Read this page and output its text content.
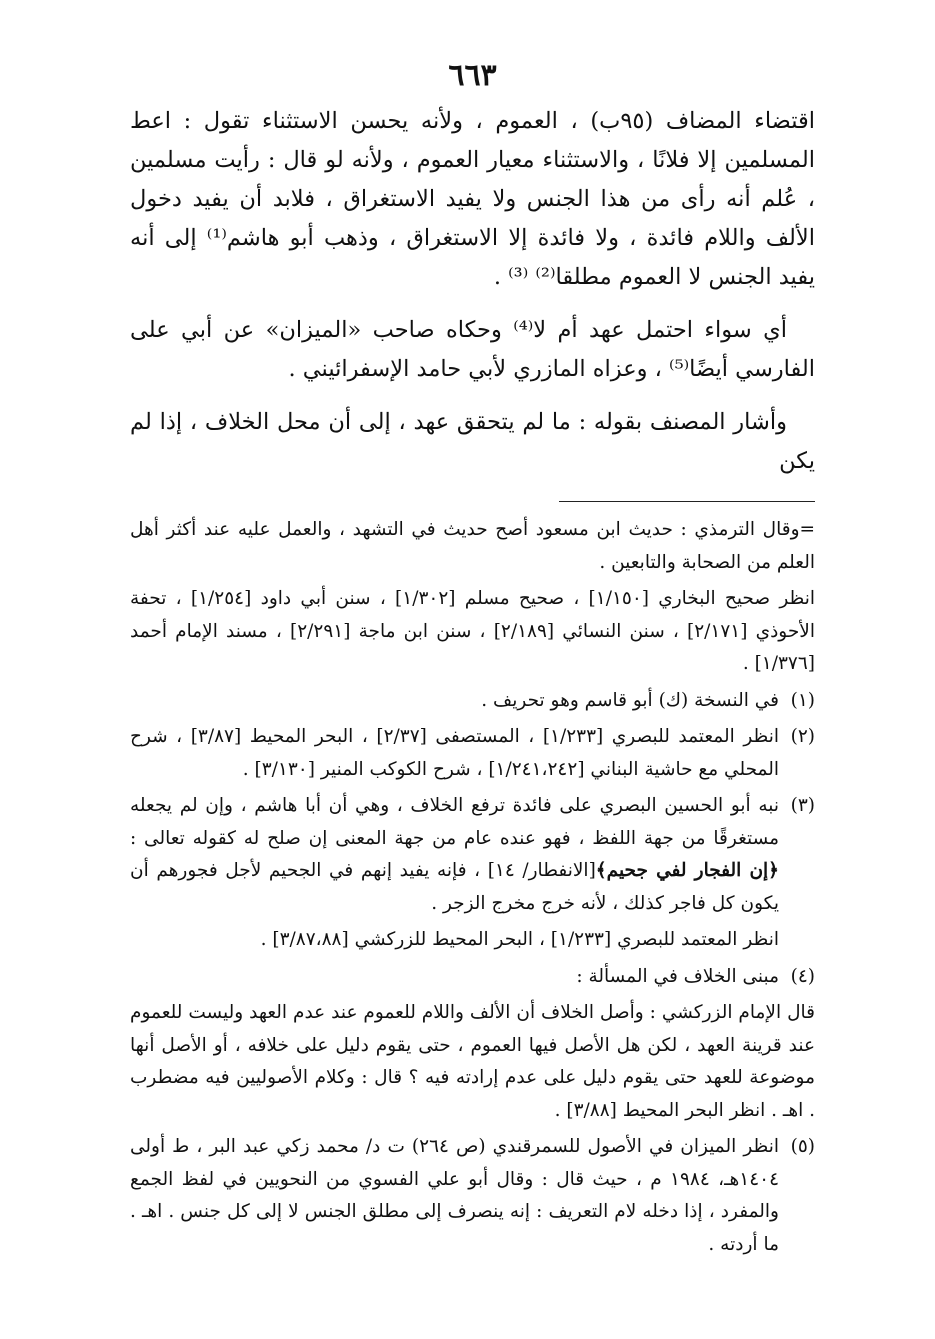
٦٦٣

اقتضاء المضاف (٩٥ب) ، العموم ، ولأنه يحسن الاستثناء تقول : اعط المسلمين إلا فلانًا ، والاستثناء معيار العموم ، ولأنه لو قال : رأيت مسلمين ، عُلم أنه رأى من هذا الجنس ولا يفيد الاستغراق ، فلابد أن يفيد دخول الألف واللام فائدة ، ولا فائدة إلا الاستغراق ، وذهب أبو هاشم⁽¹⁾ إلى أنه يفيد الجنس لا العموم مطلقا⁽²⁾ ⁽³⁾ .

أي سواء احتمل عهد أم لا⁽⁴⁾ وحكاه صاحب «الميزان» عن أبي على الفارسي أيضًا⁽⁵⁾ ، وعزاه المازري لأبي حامد الإسفرائيني .

وأشار المصنف بقوله : ما لم يتحقق عهد ، إلى أن محل الخلاف ، إذا لم يكن

=وقال الترمذي : حديث ابن مسعود أصح حديث في التشهد ، والعمل عليه عند أكثر أهل العلم من الصحابة والتابعين .

انظر صحيح البخاري [١/١٥٠] ، صحيح مسلم [١/٣٠٢] ، سنن أبي داود [١/٢٥٤] ، تحفة الأحوذي [٢/١٧١] ، سنن النسائي [٢/١٨٩] ، سنن ابن ماجة [٢/٢٩١] ، مسند الإمام أحمد [١/٣٧٦] .

(١)

في النسخة (ك) أبو قاسم وهو تحريف .

(٢)

انظر المعتمد للبصري [١/٢٣٣] ، المستصفى [٢/٣٧] ، البحر المحيط [٣/٨٧] ، شرح المحلي مع حاشية البناني [١/٢٤١،٢٤٢] ، شرح الكوكب المنير [٣/١٣٠] .

(٣)

نبه أبو الحسين البصري على فائدة ترفع الخلاف ، وهي أن أبا هاشم ، وإن لم يجعله مستغرقًا من جهة اللفظ ، فهو عنده عام من جهة المعنى إن صلح له كقوله تعالى : ﴿إن الفجار لفي جحيم﴾[الانفطار/ ١٤] ، فإنه يفيد إنهم في الجحيم لأجل فجورهم أن يكون كل فاجر كذلك ، لأنه خرج مخرج الزجر .

انظر المعتمد للبصري [١/٢٣٣] ، البحر المحيط للزركشي [٣/٨٧،٨٨] .

(٤)

مبنى الخلاف في المسألة :

قال الإمام الزركشي : وأصل الخلاف أن الألف واللام للعموم عند عدم العهد وليست للعموم عند قرينة العهد ، لكن هل الأصل فيها العموم ، حتى يقوم دليل على خلافه ، أو الأصل أنها موضوعة للعهد حتى يقوم دليل على عدم إرادته فيه ؟ قال : وكلام الأصوليين فيه مضطرب . اهـ . انظر البحر المحيط [٣/٨٨] .

(٥)

انظر الميزان في الأصول للسمرقندي (ص ٢٦٤) ت د/ محمد زكي عبد البر ، ط أولى ١٤٠٤هـ، ١٩٨٤ م ، حيث قال : وقال أبو علي الفسوي من النحويين في لفظ الجمع والمفرد ، إذا دخله لام التعريف : إنه ينصرف إلى مطلق الجنس لا إلى كل جنس . اهـ . ما أردته .
